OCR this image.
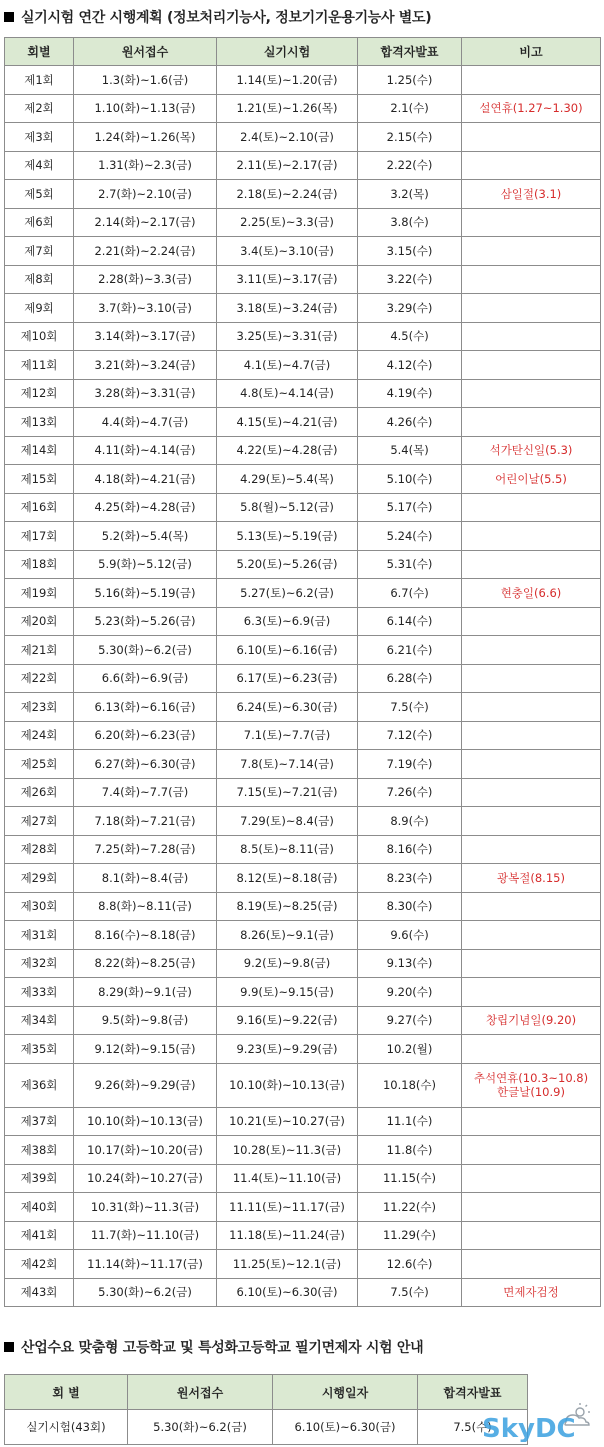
실기시험 연간 시행계획 (정보처리기능사, 정보기기운용기능사 별도)
회별	원서접수	실기시험	합격자발표	비고
제1회	1.3(화)~1.6(금)	1.14(토)~1.20(금)	1.25(수)	
제2회	1.10(화)~1.13(금)	1.21(토)~1.26(목)	2.1(수)	설연휴(1.27~1.30)
제3회	1.24(화)~1.26(목)	2.4(토)~2.10(금)	2.15(수)	
제4회	1.31(화)~2.3(금)	2.11(토)~2.17(금)	2.22(수)	
제5회	2.7(화)~2.10(금)	2.18(토)~2.24(금)	3.2(목)	삼일절(3.1)
제6회	2.14(화)~2.17(금)	2.25(토)~3.3(금)	3.8(수)	
제7회	2.21(화)~2.24(금)	3.4(토)~3.10(금)	3.15(수)	
제8회	2.28(화)~3.3(금)	3.11(토)~3.17(금)	3.22(수)	
제9회	3.7(화)~3.10(금)	3.18(토)~3.24(금)	3.29(수)	
제10회	3.14(화)~3.17(금)	3.25(토)~3.31(금)	4.5(수)	
제11회	3.21(화)~3.24(금)	4.1(토)~4.7(금)	4.12(수)	
제12회	3.28(화)~3.31(금)	4.8(토)~4.14(금)	4.19(수)	
제13회	4.4(화)~4.7(금)	4.15(토)~4.21(금)	4.26(수)	
제14회	4.11(화)~4.14(금)	4.22(토)~4.28(금)	5.4(목)	석가탄신일(5.3)
제15회	4.18(화)~4.21(금)	4.29(토)~5.4(목)	5.10(수)	어린이날(5.5)
제16회	4.25(화)~4.28(금)	5.8(월)~5.12(금)	5.17(수)	
제17회	5.2(화)~5.4(목)	5.13(토)~5.19(금)	5.24(수)	
제18회	5.9(화)~5.12(금)	5.20(토)~5.26(금)	5.31(수)	
제19회	5.16(화)~5.19(금)	5.27(토)~6.2(금)	6.7(수)	현충일(6.6)
제20회	5.23(화)~5.26(금)	6.3(토)~6.9(금)	6.14(수)	
제21회	5.30(화)~6.2(금)	6.10(토)~6.16(금)	6.21(수)	
제22회	6.6(화)~6.9(금)	6.17(토)~6.23(금)	6.28(수)	
제23회	6.13(화)~6.16(금)	6.24(토)~6.30(금)	7.5(수)	
제24회	6.20(화)~6.23(금)	7.1(토)~7.7(금)	7.12(수)	
제25회	6.27(화)~6.30(금)	7.8(토)~7.14(금)	7.19(수)	
제26회	7.4(화)~7.7(금)	7.15(토)~7.21(금)	7.26(수)	
제27회	7.18(화)~7.21(금)	7.29(토)~8.4(금)	8.9(수)	
제28회	7.25(화)~7.28(금)	8.5(토)~8.11(금)	8.16(수)	
제29회	8.1(화)~8.4(금)	8.12(토)~8.18(금)	8.23(수)	광복절(8.15)
제30회	8.8(화)~8.11(금)	8.19(토)~8.25(금)	8.30(수)	
제31회	8.16(수)~8.18(금)	8.26(토)~9.1(금)	9.6(수)	
제32회	8.22(화)~8.25(금)	9.2(토)~9.8(금)	9.13(수)	
제33회	8.29(화)~9.1(금)	9.9(토)~9.15(금)	9.20(수)	
제34회	9.5(화)~9.8(금)	9.16(토)~9.22(금)	9.27(수)	창립기념일(9.20)
제35회	9.12(화)~9.15(금)	9.23(토)~9.29(금)	10.2(월)	
제36회	9.26(화)~9.29(금)	10.10(화)~10.13(금)	10.18(수)	추석연휴(10.3~10.8)
한글날(10.9)
제37회	10.10(화)~10.13(금)	10.21(토)~10.27(금)	11.1(수)	
제38회	10.17(화)~10.20(금)	10.28(토)~11.3(금)	11.8(수)	
제39회	10.24(화)~10.27(금)	11.4(토)~11.10(금)	11.15(수)	
제40회	10.31(화)~11.3(금)	11.11(토)~11.17(금)	11.22(수)	
제41회	11.7(화)~11.10(금)	11.18(토)~11.24(금)	11.29(수)	
제42회	11.14(화)~11.17(금)	11.25(토)~12.1(금)	12.6(수)	
제43회	5.30(화)~6.2(금)	6.10(토)~6.30(금)	7.5(수)	면제자검정
산업수요 맞춤형 고등학교 및 특성화고등학교 필기면제자 시험 안내
회 별	원서접수	시행일자	합격자발표
실기시험(43회)	5.30(화)~6.2(금)	6.10(토)~6.30(금)	7.5(수)
SkyDC
